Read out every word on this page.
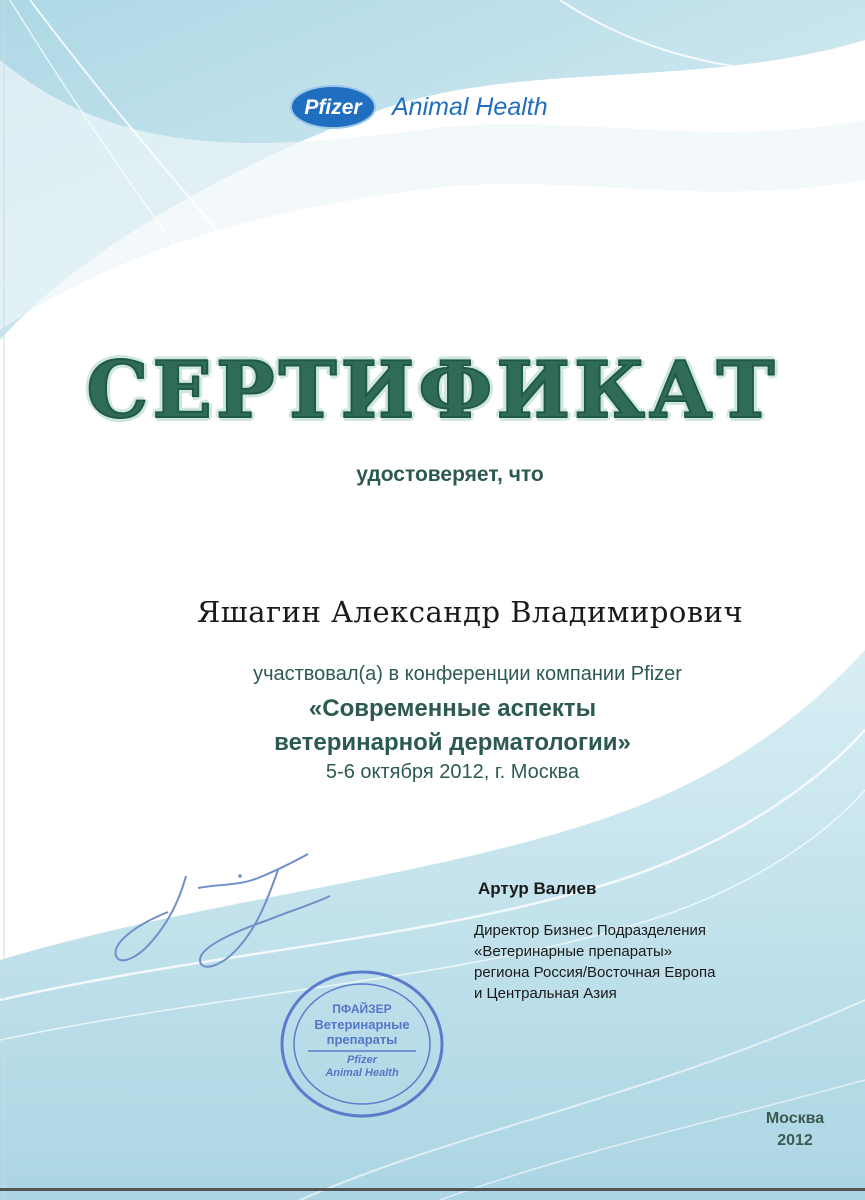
Pfizer Animal Health
СЕРТИФИКАТ
удостоверяет, что
Яшагин Александр Владимирович
участвовал(а) в конференции компании Pfizer
«Современные аспекты
ветеринарной дерматологии»
5-6 октября 2012, г. Москва
ПФАЙЗЕР
Ветеринарные
препараты
Pfizer
Animal Health
Артур Валиев
Директор Бизнес Подразделения
«Ветеринарные препараты»
региона Россия/Восточная Европа
и Центральная Азия
Москва
2012
